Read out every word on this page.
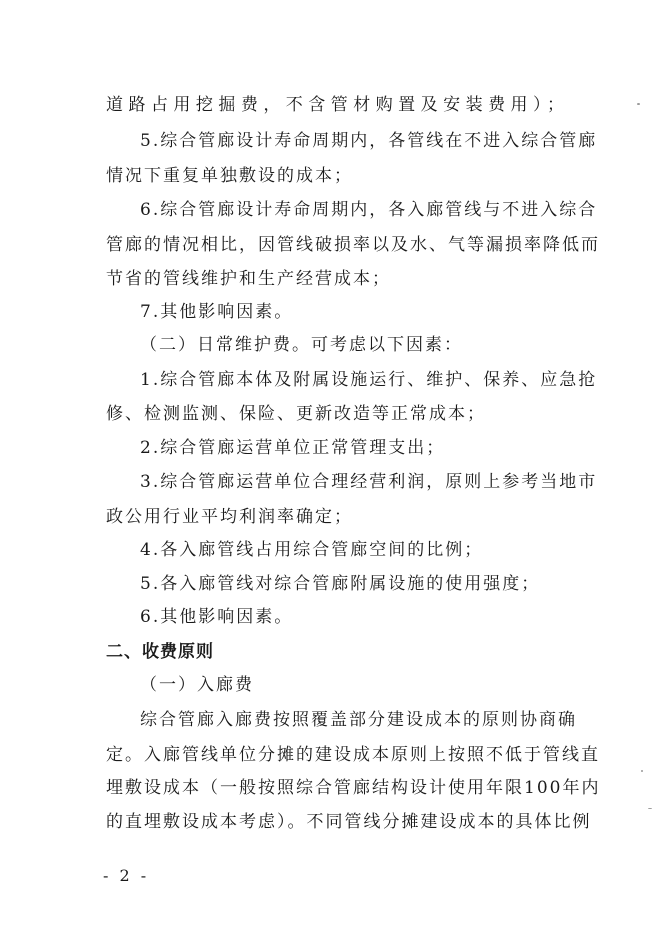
道路占用挖掘费，不含管材购置及安装费用）；
5.综合管廊设计寿命周期内，各管线在不进入综合管廊
情况下重复单独敷设的成本；
6.综合管廊设计寿命周期内，各入廊管线与不进入综合
管廊的情况相比，因管线破损率以及水、气等漏损率降低而
节省的管线维护和生产经营成本；
7.其他影响因素。
（二）日常维护费。可考虑以下因素：
1.综合管廊本体及附属设施运行、维护、保养、应急抢
修、检测监测、保险、更新改造等正常成本；
2.综合管廊运营单位正常管理支出；
3.综合管廊运营单位合理经营利润，原则上参考当地市
政公用行业平均利润率确定；
4.各入廊管线占用综合管廊空间的比例；
5.各入廊管线对综合管廊附属设施的使用强度；
6.其他影响因素。
二、收费原则
（一）入廊费
综合管廊入廊费按照覆盖部分建设成本的原则协商确
定。入廊管线单位分摊的建设成本原则上按照不低于管线直
埋敷设成本（一般按照综合管廊结构设计使用年限100年内
的直埋敷设成本考虑）。不同管线分摊建设成本的具体比例
- 2 -
